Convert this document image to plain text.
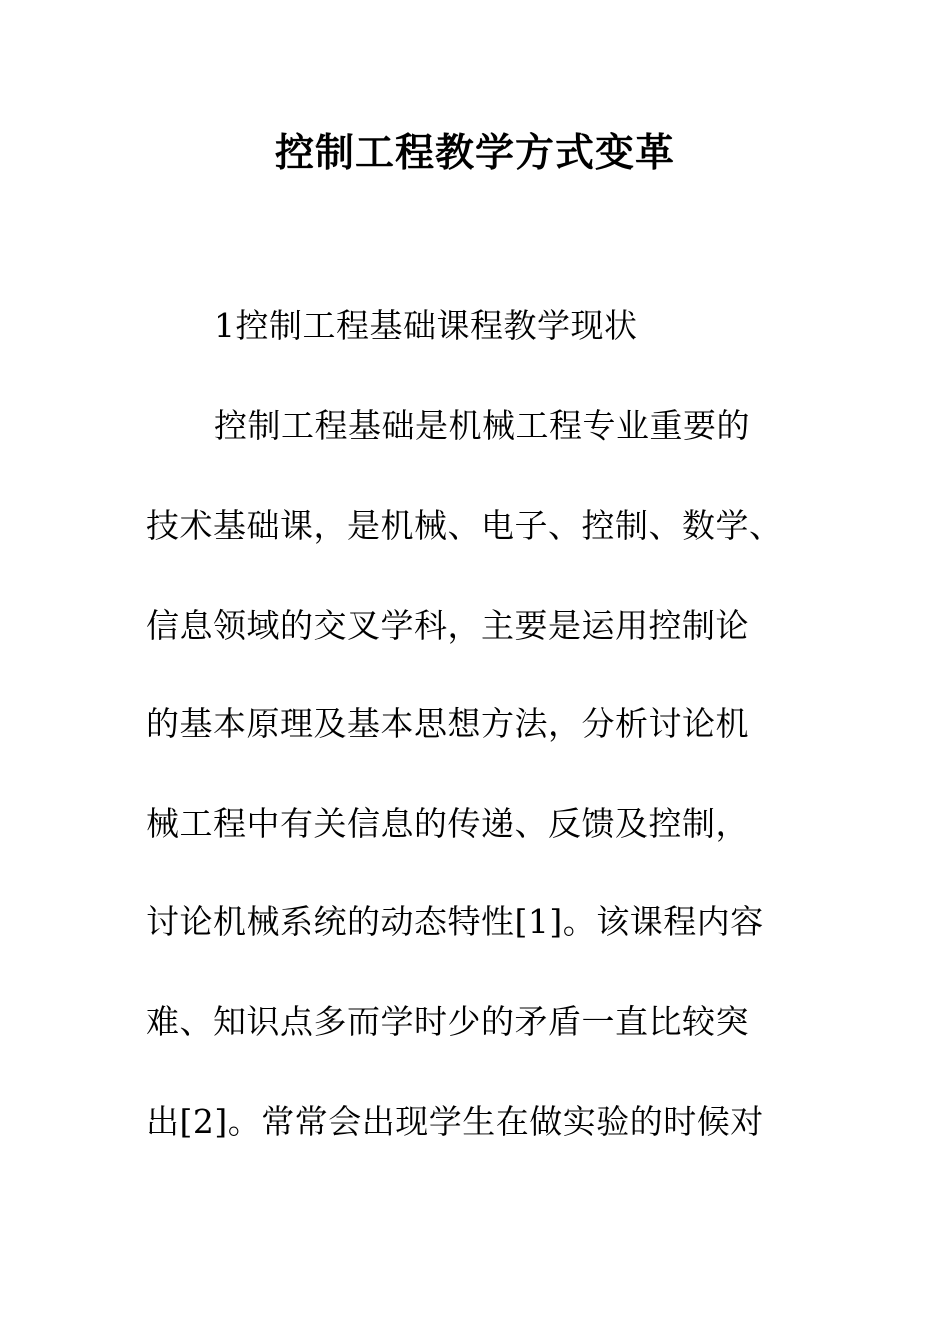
控制工程教学方式变革
1控制工程基础课程教学现状
控制工程基础是机械工程专业重要的
技术基础课，是机械、电子、控制、数学、
信息领域的交叉学科，主要是运用控制论
的基本原理及基本思想方法，分析讨论机
械工程中有关信息的传递、反馈及控制，
讨论机械系统的动态特性[1]。该课程内容
难、知识点多而学时少的矛盾一直比较突
出[2]。常常会出现学生在做实验的时候对
